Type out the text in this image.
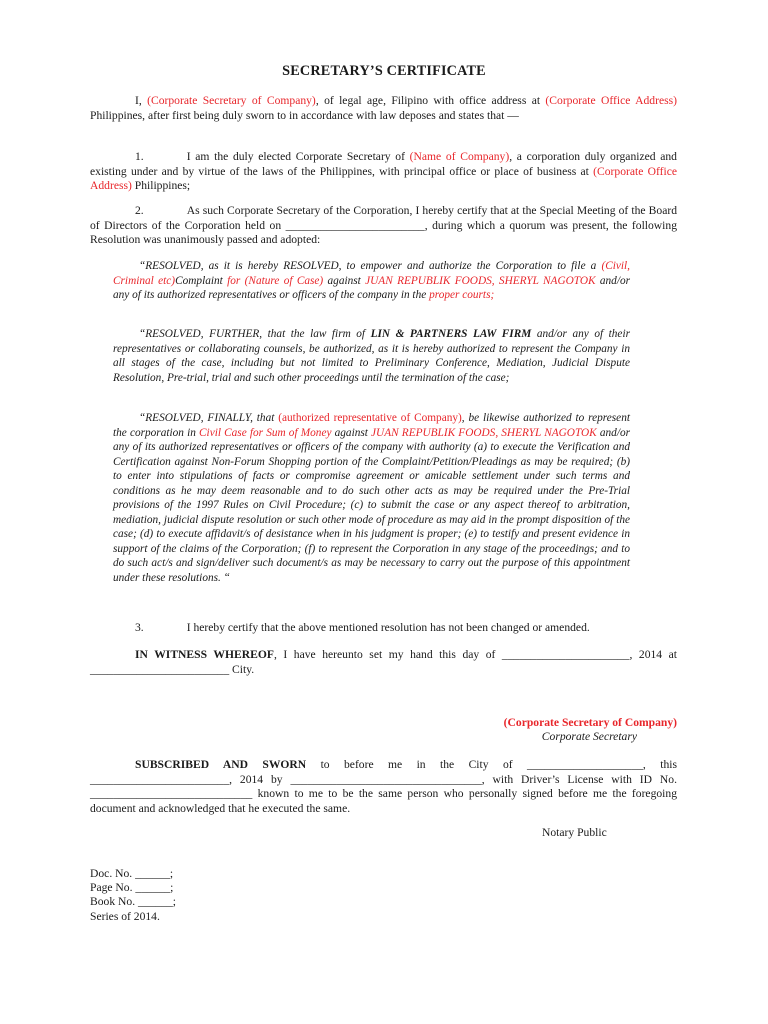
SECRETARY’S CERTIFICATE
I, (Corporate Secretary of Company), of legal age, Filipino with office address at (Corporate Office Address) Philippines, after first being duly sworn to in accordance with law deposes and states that —
1.	I am the duly elected Corporate Secretary of (Name of Company), a corporation duly organized and existing under and by virtue of the laws of the Philippines, with principal office or place of business at (Corporate Office Address) Philippines;
2.	As such Corporate Secretary of the Corporation, I hereby certify that at the Special Meeting of the Board of Directors of the Corporation held on ________________________, during which a quorum was present, the following Resolution was unanimously passed and adopted:
“RESOLVED, as it is hereby RESOLVED, to empower and authorize the Corporation to file a (Civil, Criminal etc)Complaint for (Nature of Case) against JUAN REPUBLIK FOODS, SHERYL NAGOTOK and/or any of its authorized representatives or officers of the company in the proper courts;
“RESOLVED, FURTHER, that the law firm of LIN & PARTNERS LAW FIRM and/or any of their representatives or collaborating counsels, be authorized, as it is hereby authorized to represent the Company in all stages of the case, including but not limited to Preliminary Conference, Mediation, Judicial Dispute Resolution, Pre-trial, trial and such other proceedings until the termination of the case;
“RESOLVED, FINALLY, that (authorized representative of Company), be likewise authorized to represent the corporation in Civil Case for Sum of Money against JUAN REPUBLIK FOODS, SHERYL NAGOTOK and/or any of its authorized representatives or officers of the company with authority (a) to execute the Verification and Certification against Non-Forum Shopping portion of the Complaint/Petition/Pleadings as may be required; (b) to enter into stipulations of facts or compromise agreement or amicable settlement under such terms and conditions as he may deem reasonable and to do such other acts as may be required under the Pre-Trial provisions of the 1997 Rules on Civil Procedure; (c) to submit the case or any aspect thereof to arbitration, mediation, judicial dispute resolution or such other mode of procedure as may aid in the prompt disposition of the case; (d) to execute affidavit/s of desistance when in his judgment is proper; (e) to testify and present evidence in support of the claims of the Corporation; (f) to represent the Corporation in any stage of the proceedings; and to do such act/s and sign/deliver such document/s as may be necessary to carry out the purpose of this appointment under these resolutions. “
3.	I hereby certify that the above mentioned resolution has not been changed or amended.
IN WITNESS WHEREOF, I have hereunto set my hand this day of ______________________, 2014 at ________________________ City.
(Corporate Secretary of Company)
Corporate Secretary
SUBSCRIBED AND SWORN to before me in the City of ____________________, this ________________________, 2014 by _________________________________, with Driver’s License with ID No. ____________________________ known to me to be the same person who personally signed before me the foregoing document and acknowledged that he executed the same.
Notary Public
Doc. No. ______;
Page No. ______;
Book No. ______;
Series of 2014.
